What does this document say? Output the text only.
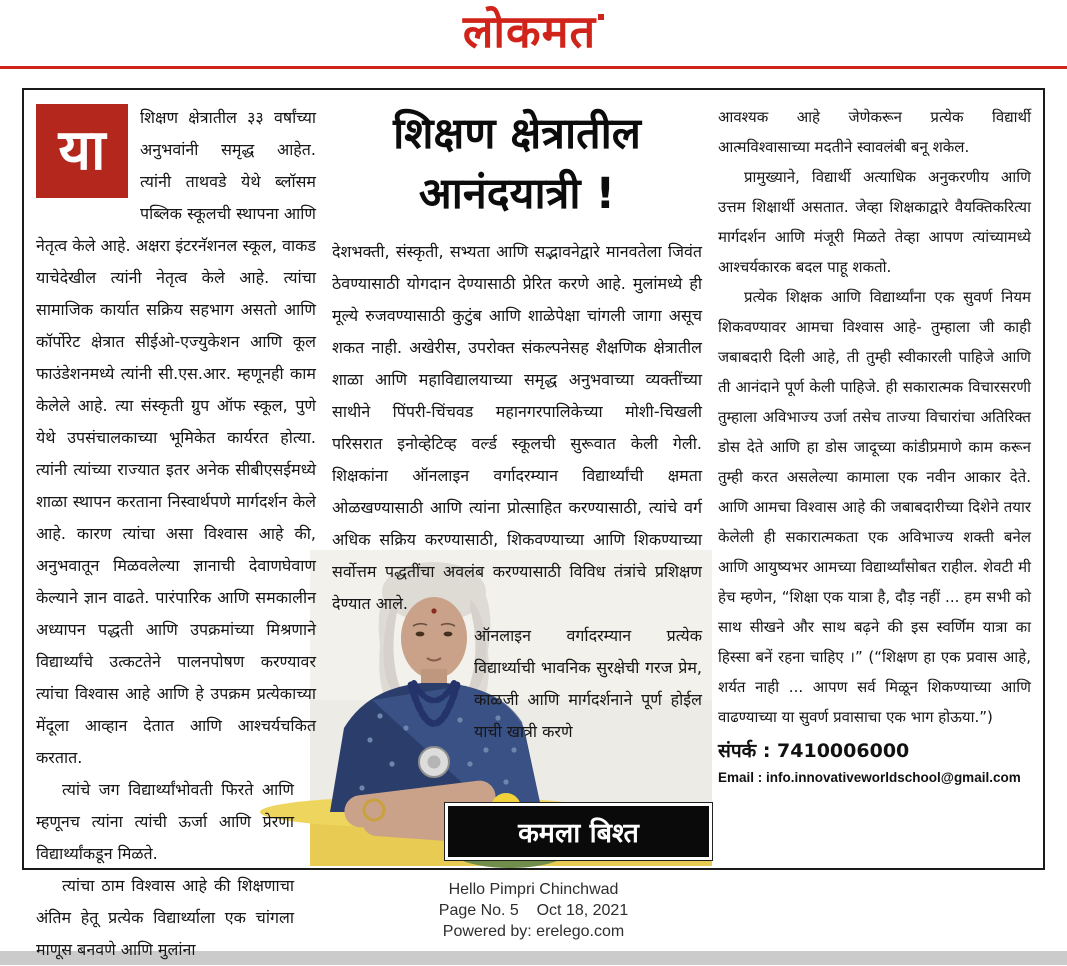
लोकमत
कमला बिश्त
या
शिक्षण क्षेत्रातील ३३ वर्षांच्या अनुभवांनी समृद्ध आहेत. त्यांनी ताथवडे येथे ब्लॉसम पब्लिक स्कूलची स्थापना आणि नेतृत्व केले आहे. अक्षरा इंटरनॅशनल स्कूल, वाकड याचेदेखील त्यांनी नेतृत्व केले आहे. त्यांचा सामाजिक कार्यात सक्रिय सहभाग असतो आणि कॉर्पोरेट क्षेत्रात सीईओ-एज्युकेशन आणि कूल फाउंडेशनमध्ये त्यांनी सी.एस.आर. म्हणूनही काम केलेले आहे. त्या संस्कृती ग्रुप ऑफ स्कूल, पुणे येथे उपसंचालकाच्या भूमिकेत कार्यरत होत्या. त्यांनी त्यांच्या राज्यात इतर अनेक सीबीएसईमध्ये शाळा स्थापन करताना निस्वार्थपणे मार्गदर्शन केले आहे. कारण त्यांचा असा विश्वास आहे की, अनुभवातून मिळवलेल्या ज्ञानाची देवाणघेवाण केल्याने ज्ञान वाढते. पारंपारिक आणि समकालीन अध्यापन पद्धती आणि उपक्रमांच्या मिश्रणाने विद्यार्थ्यांचे उत्कटतेने पालनपोषण करण्यावर त्यांचा विश्वास आहे आणि हे उपक्रम प्रत्येकाच्या मेंदूला आव्हान देतात आणि आश्चर्यचकित करतात.
त्यांचे जग विद्यार्थ्यांभोवती फिरते आणि म्हणूनच त्यांना त्यांची ऊर्जा आणि प्रेरणा विद्यार्थ्यांकडून मिळते.
त्यांचा ठाम विश्वास आहे की शिक्षणाचा अंतिम हेतू प्रत्येक विद्यार्थ्याला एक चांगला माणूस बनवणे आणि मुलांना
शिक्षण क्षेत्रातील
आनंदयात्री !
देशभक्ती, संस्कृती, सभ्यता आणि सद्भावनेद्वारे मानवतेला जिवंत ठेवण्यासाठी योगदान देण्यासाठी प्रेरित करणे आहे. मुलांमध्ये ही मूल्ये रुजवण्यासाठी कुटुंब आणि शाळेपेक्षा चांगली जागा असूच शकत नाही. अखेरीस, उपरोक्त संकल्पनेसह शैक्षणिक क्षेत्रातील शाळा आणि महाविद्यालयाच्या समृद्ध अनुभवाच्या व्यक्तींच्या साथीने पिंपरी-चिंचवड महानगरपालिकेच्या मोशी-चिखली परिसरात इनोव्हेटिव्ह वर्ल्ड स्कूलची सुरूवात केली गेली. शिक्षकांना ऑनलाइन वर्गादरम्यान विद्यार्थ्यांची क्षमता ओळखण्यासाठी आणि त्यांना प्रोत्साहित करण्यासाठी, त्यांचे वर्ग अधिक सक्रिय करण्यासाठी, शिकवण्याच्या आणि शिकण्याच्या सर्वोत्तम पद्धतींचा अवलंब करण्यासाठी विविध तंत्रांचे प्रशिक्षण देण्यात आले.
ऑनलाइन वर्गादरम्यान प्रत्येक विद्यार्थ्याची भावनिक सुरक्षेची गरज प्रेम, काळजी आणि मार्गदर्शनाने पूर्ण होईल याची खात्री करणे
आवश्यक आहे जेणेकरून प्रत्येक विद्यार्थी आत्मविश्वासाच्या मदतीने स्वावलंबी बनू शकेल.
प्रामुख्याने, विद्यार्थी अत्याधिक अनुकरणीय आणि उत्तम शिक्षार्थी असतात. जेव्हा शिक्षकाद्वारे वैयक्तिकरित्या मार्गदर्शन आणि मंजूरी मिळते तेव्हा आपण त्यांच्यामध्ये आश्चर्यकारक बदल पाहू शकतो.
प्रत्येक शिक्षक आणि विद्यार्थ्यांना एक सुवर्ण नियम शिकवण्यावर आमचा विश्वास आहे- तुम्हाला जी काही जबाबदारी दिली आहे, ती तुम्ही स्वीकारली पाहिजे आणि ती आनंदाने पूर्ण केली पाहिजे. ही सकारात्मक विचारसरणी तुम्हाला अविभाज्य उर्जा तसेच ताज्या विचारांचा अतिरिक्त डोस देते आणि हा डोस जादूच्या कांडीप्रमाणे काम करून तुम्ही करत असलेल्या कामाला एक नवीन आकार देते. आणि आमचा विश्वास आहे की जबाबदारीच्या दिशेने तयार केलेली ही सकारात्मकता एक अविभाज्य शक्ती बनेल आणि आयुष्यभर आमच्या विद्यार्थ्यांसोबत राहील. शेवटी मी हेच म्हणेन, “शिक्षा एक यात्रा है, दौड़ नहीं ... हम सभी को साथ सीखने और साथ बढ़ने की इस स्वर्णिम यात्रा का हिस्सा बनें रहना चाहिए ।” (“शिक्षण हा एक प्रवास आहे, शर्यत नाही ... आपण सर्व मिळून शिकण्याच्या आणि वाढण्याच्या या सुवर्ण प्रवासाचा एक भाग होऊया.”)
संपर्क : 7410006000
Email : info.innovativeworldschool@gmail.com
Hello Pimpri Chinchwad
Page No. 5    Oct 18, 2021
Powered by: erelego.com
